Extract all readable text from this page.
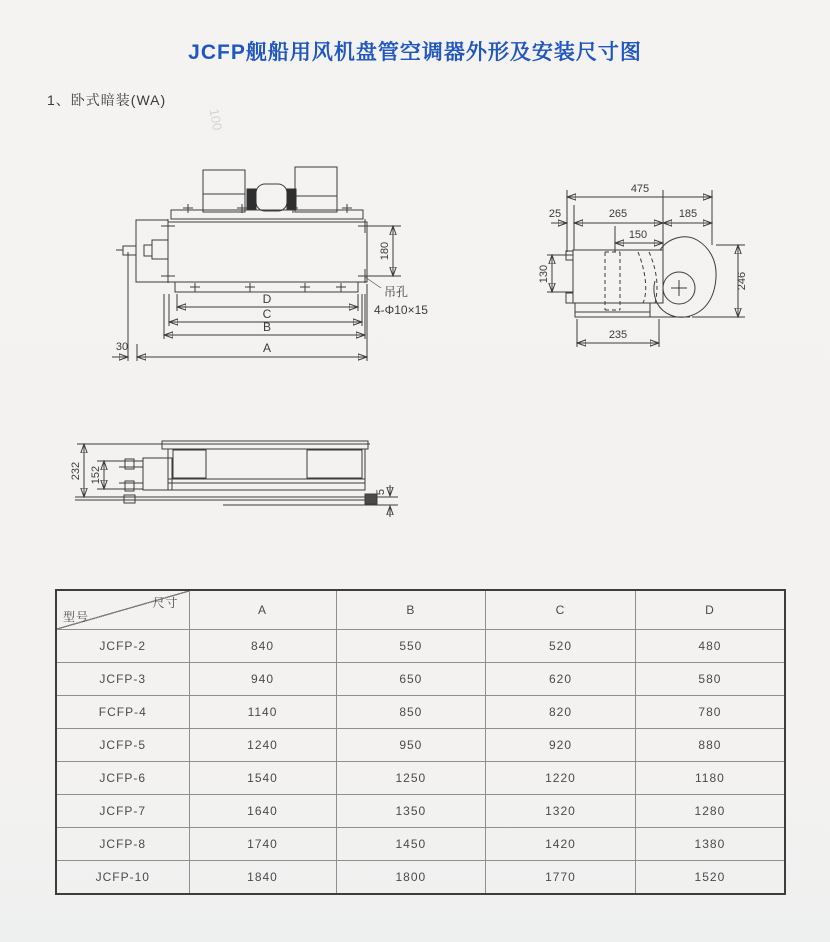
JCFP舰船用风机盘管空调器外形及安装尺寸图
1、卧式暗装(WA)
100
180
吊孔
4-Φ10×15
D
C
B
A
30
475
25	265	185
150
130	246
235
232 152
5
尺寸
型号	A	B	C	D
JCFP-2	840	550	520	480
JCFP-3	940	650	620	580
FCFP-4	1140	850	820	780
JCFP-5	1240	950	920	880
JCFP-6	1540	1250	1220	1180
JCFP-7	1640	1350	1320	1280
JCFP-8	1740	1450	1420	1380
JCFP-10	1840	1800	1770	1520
